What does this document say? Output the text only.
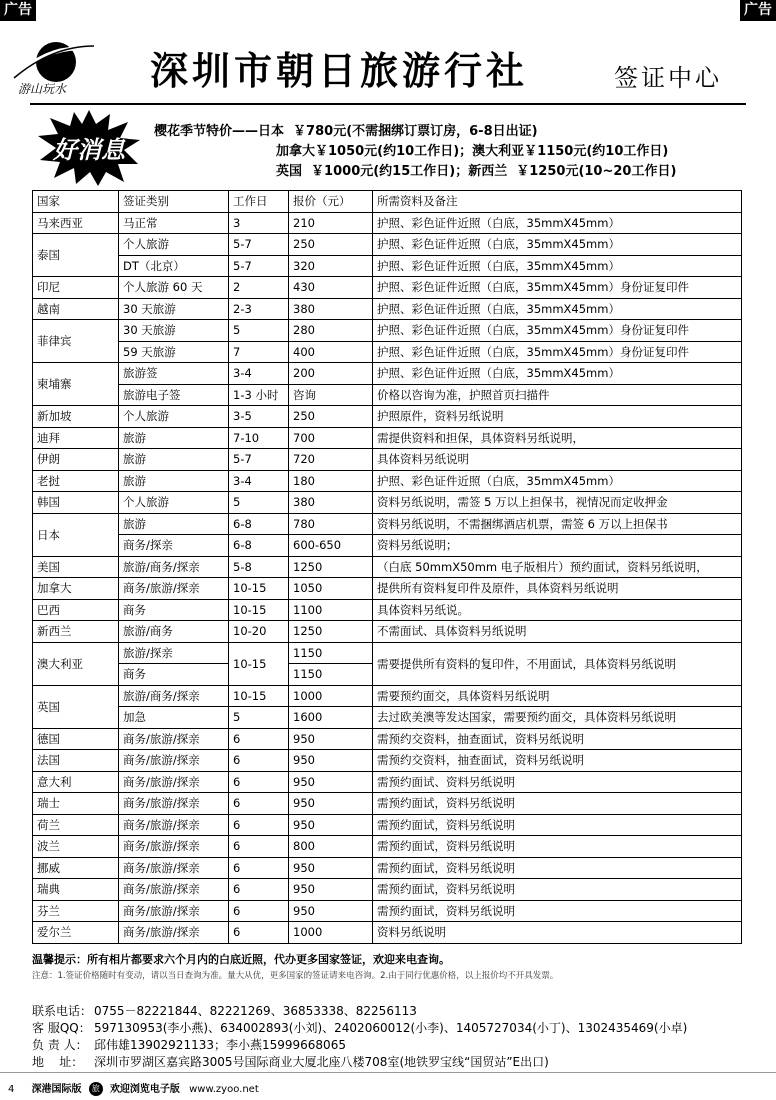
广告	广告
游山玩水 深圳市朝日旅游行社	签证中心
好消息
樱花季节特价——日本  ￥780元(不需捆绑订票订房，6-8日出证)
加拿大￥1050元(约10工作日)；澳大利亚￥1150元(约10工作日)
英国  ￥1000元(约15工作日)；新西兰  ￥1250元(10~20工作日)
国家	签证类别	工作日	报价（元）	所需资料及备注
马来西亚	马正常	3	210	护照、彩色证件近照（白底，35mmX45mm）
泰国	个人旅游	5-7	250	护照、彩色证件近照（白底，35mmX45mm）
	DT（北京）	5-7	320	护照、彩色证件近照（白底，35mmX45mm）
印尼	个人旅游 60 天	2	430	护照、彩色证件近照（白底，35mmX45mm）身份证复印件
越南	30 天旅游	2-3	380	护照、彩色证件近照（白底，35mmX45mm）
菲律宾	30 天旅游	5	280	护照、彩色证件近照（白底，35mmX45mm）身份证复印件
	59 天旅游	7	400	护照、彩色证件近照（白底，35mmX45mm）身份证复印件
柬埔寨	旅游签	3-4	200	护照、彩色证件近照（白底，35mmX45mm）
	旅游电子签	1-3 小时	咨询	价格以咨询为准，护照首页扫描件
新加坡	个人旅游	3-5	250	护照原件，资料另纸说明
迪拜	旅游	7-10	700	需提供资料和担保，具体资料另纸说明，
伊朗	旅游	5-7	720	具体资料另纸说明
老挝	旅游	3-4	180	护照、彩色证件近照（白底，35mmX45mm）
韩国	个人旅游	5	380	资料另纸说明，需签 5 万以上担保书，视情况而定收押金
日本	旅游	6-8	780	资料另纸说明，不需捆绑酒店机票，需签 6 万以上担保书
	商务/探亲	6-8	600-650	资料另纸说明；
美国	旅游/商务/探亲	5-8	1250	（白底 50mmX50mm 电子版相片）预约面试，资料另纸说明，
加拿大	商务/旅游/探亲	10-15	1050	提供所有资料复印件及原件，具体资料另纸说明
巴西	商务	10-15	1100	具体资料另纸说。
新西兰	旅游/商务	10-20	1250	不需面试、具体资料另纸说明
澳大利亚	旅游/探亲	10-15	1150	需要提供所有资料的复印件，不用面试，具体资料另纸说明
	商务		1150	
英国	旅游/商务/探亲	10-15	1000	需要预约面交，具体资料另纸说明
	加急	5	1600	去过欧美澳等发达国家，需要预约面交，具体资料另纸说明
德国	商务/旅游/探亲	6	950	需预约交资料，抽查面试，资料另纸说明
法国	商务/旅游/探亲	6	950	需预约交资料，抽查面试，资料另纸说明
意大利	商务/旅游/探亲	6	950	需预约面试、资料另纸说明
瑞士	商务/旅游/探亲	6	950	需预约面试，资料另纸说明
荷兰	商务/旅游/探亲	6	950	需预约面试，资料另纸说明
波兰	商务/旅游/探亲	6	800	需预约面试，资料另纸说明
挪威	商务/旅游/探亲	6	950	需预约面试，资料另纸说明
瑞典	商务/旅游/探亲	6	950	需预约面试，资料另纸说明
芬兰	商务/旅游/探亲	6	950	需预约面试，资料另纸说明
爱尔兰	商务/旅游/探亲	6	1000	资料另纸说明
温馨提示：所有相片都要求六个月内的白底近照，代办更多国家签证，欢迎来电查询。
注意：1.签证价格随时有变动，请以当日查询为准。量大从优，更多国家的签证请来电咨询。2.由于同行优惠价格，以上报价均不开具发票。
联系电话： 0755－82221844、82221269、36853338、82256113
客 服QQ： 597130953(李小燕)、634002893(小刘)、2402060012(小李)、1405727034(小丁)、1302435469(小卓)
负 责 人： 邱伟雄13902921133；李小燕15999668065
地    址： 深圳市罗湖区嘉宾路3005号国际商业大厦北座八楼708室(地铁罗宝线“国贸站”E出口)
4 深港国际版 旅 欢迎浏览电子版 www.zyoo.net
